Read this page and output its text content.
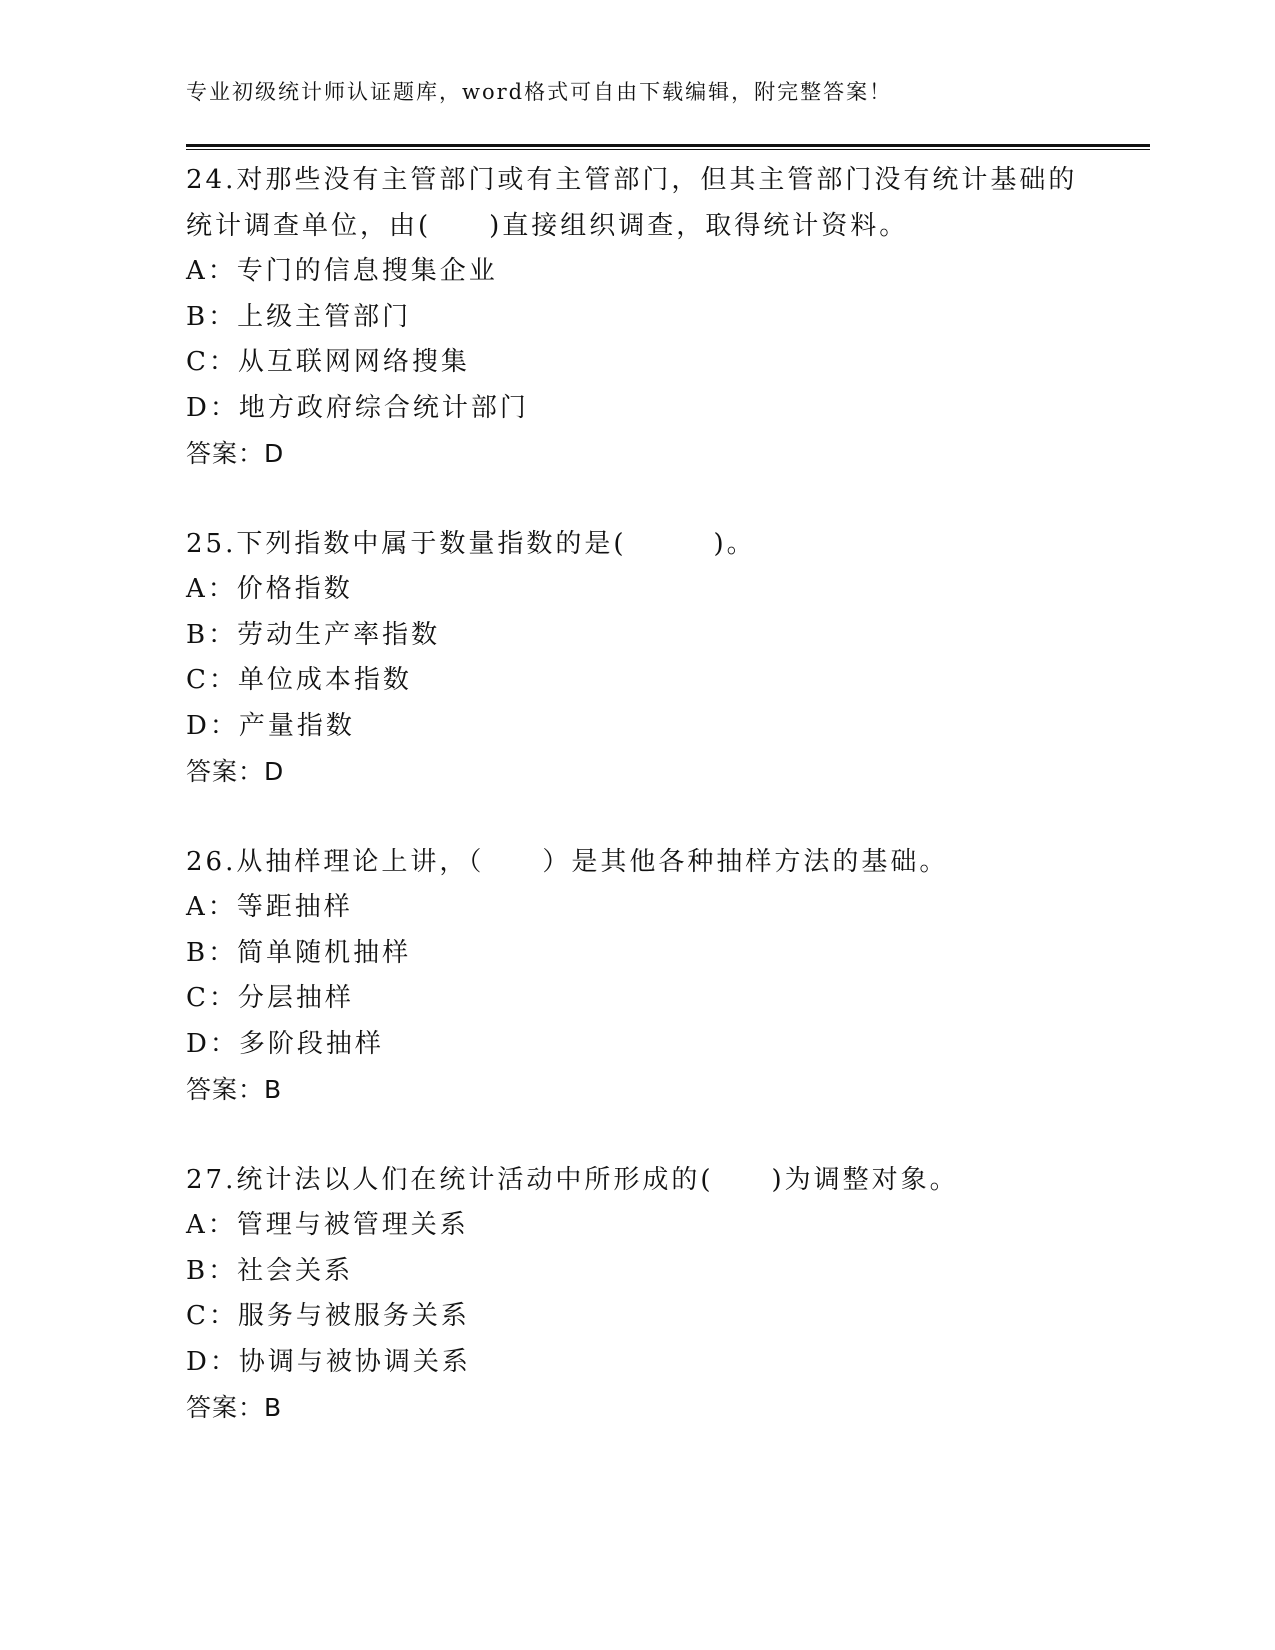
专业初级统计师认证题库，word格式可自由下载编辑，附完整答案！
24.对那些没有主管部门或有主管部门，但其主管部门没有统计基础的
统计调查单位，由(　　)直接组织调查，取得统计资料。
A：专门的信息搜集企业
B：上级主管部门
C：从互联网网络搜集
D：地方政府综合统计部门
答案：D
25.下列指数中属于数量指数的是(　　　)。
A：价格指数
B：劳动生产率指数
C：单位成本指数
D：产量指数
答案：D
26.从抽样理论上讲，（　　）是其他各种抽样方法的基础。
A：等距抽样
B：简单随机抽样
C：分层抽样
D：多阶段抽样
答案：B
27.统计法以人们在统计活动中所形成的(　　)为调整对象。
A：管理与被管理关系
B：社会关系
C：服务与被服务关系
D：协调与被协调关系
答案：B
